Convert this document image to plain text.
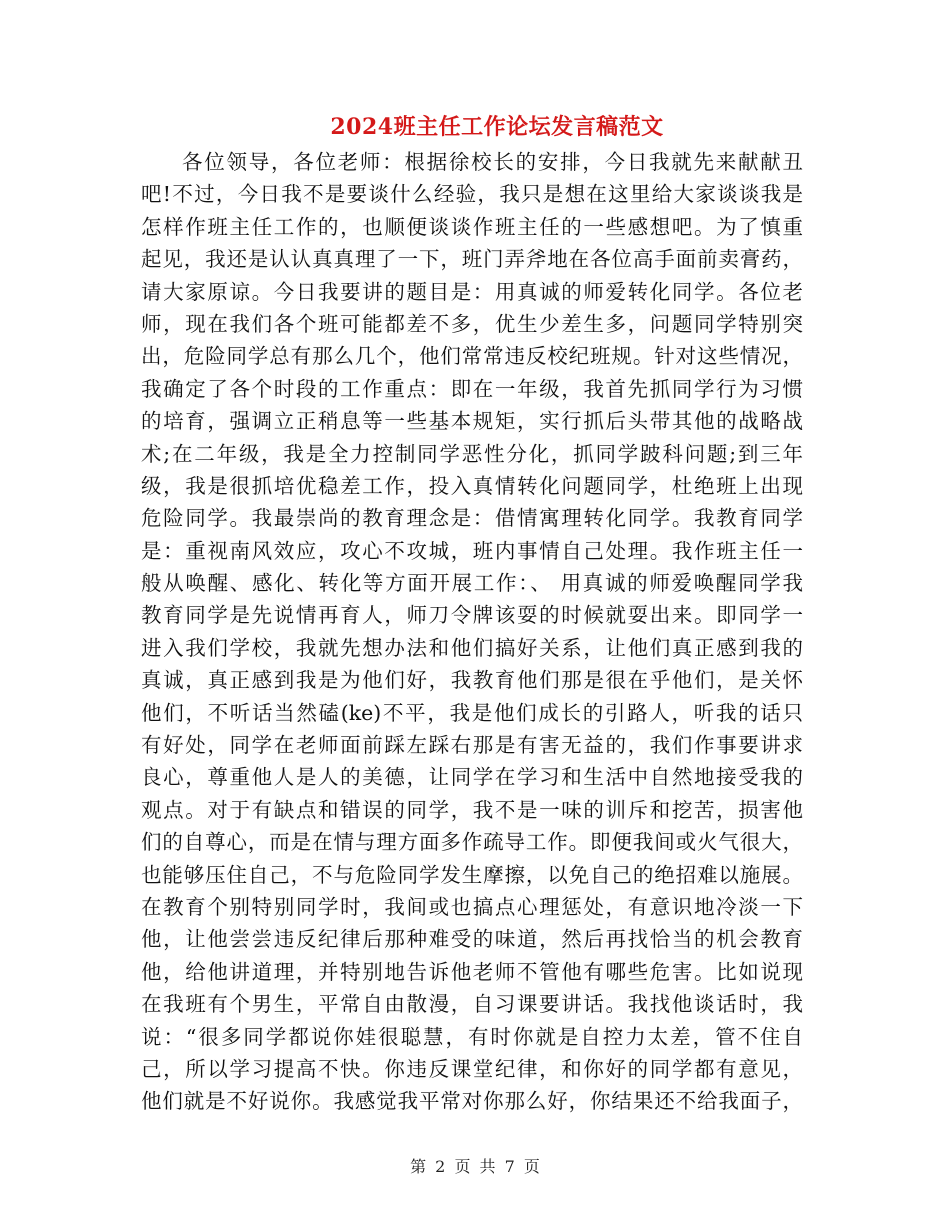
2024班主任工作论坛发言稿范文
各位领导，各位老师：根据徐校长的安排，今日我就先来献献丑
吧!不过，今日我不是要谈什么经验，我只是想在这里给大家谈谈我是
怎样作班主任工作的，也顺便谈谈作班主任的一些感想吧。为了慎重
起见，我还是认认真真理了一下，班门弄斧地在各位高手面前卖膏药，
请大家原谅。今日我要讲的题目是：用真诚的师爱转化同学。各位老
师，现在我们各个班可能都差不多，优生少差生多，问题同学特别突
出，危险同学总有那么几个，他们常常违反校纪班规。针对这些情况，
我确定了各个时段的工作重点：即在一年级，我首先抓同学行为习惯
的培育，强调立正稍息等一些基本规矩，实行抓后头带其他的战略战
术;在二年级，我是全力控制同学恶性分化，抓同学跛科问题;到三年
级，我是很抓培优稳差工作，投入真情转化问题同学，杜绝班上出现
危险同学。我最崇尚的教育理念是：借情寓理转化同学。我教育同学
是：重视南风效应，攻心不攻城，班内事情自己处理。我作班主任一
般从唤醒、感化、转化等方面开展工作：、 用真诚的师爱唤醒同学我
教育同学是先说情再育人，师刀令牌该耍的时候就耍出来。即同学一
进入我们学校，我就先想办法和他们搞好关系，让他们真正感到我的
真诚，真正感到我是为他们好，我教育他们那是很在乎他们，是关怀
他们，不听话当然磕(ke)不平，我是他们成长的引路人，听我的话只
有好处，同学在老师面前踩左踩右那是有害无益的，我们作事要讲求
良心，尊重他人是人的美德，让同学在学习和生活中自然地接受我的
观点。对于有缺点和错误的同学，我不是一味的训斥和挖苦，损害他
们的自尊心，而是在情与理方面多作疏导工作。即便我间或火气很大，
也能够压住自己，不与危险同学发生摩擦，以免自己的绝招难以施展。
在教育个别特别同学时，我间或也搞点心理惩处，有意识地冷淡一下
他，让他尝尝违反纪律后那种难受的味道，然后再找恰当的机会教育
他，给他讲道理，并特别地告诉他老师不管他有哪些危害。比如说现
在我班有个男生，平常自由散漫，自习课要讲话。我找他谈话时，我
说：“很多同学都说你娃很聪慧，有时你就是自控力太差，管不住自
己，所以学习提高不快。你违反课堂纪律，和你好的同学都有意见，
他们就是不好说你。我感觉我平常对你那么好，你结果还不给我面子，
第 2 页 共 7 页
